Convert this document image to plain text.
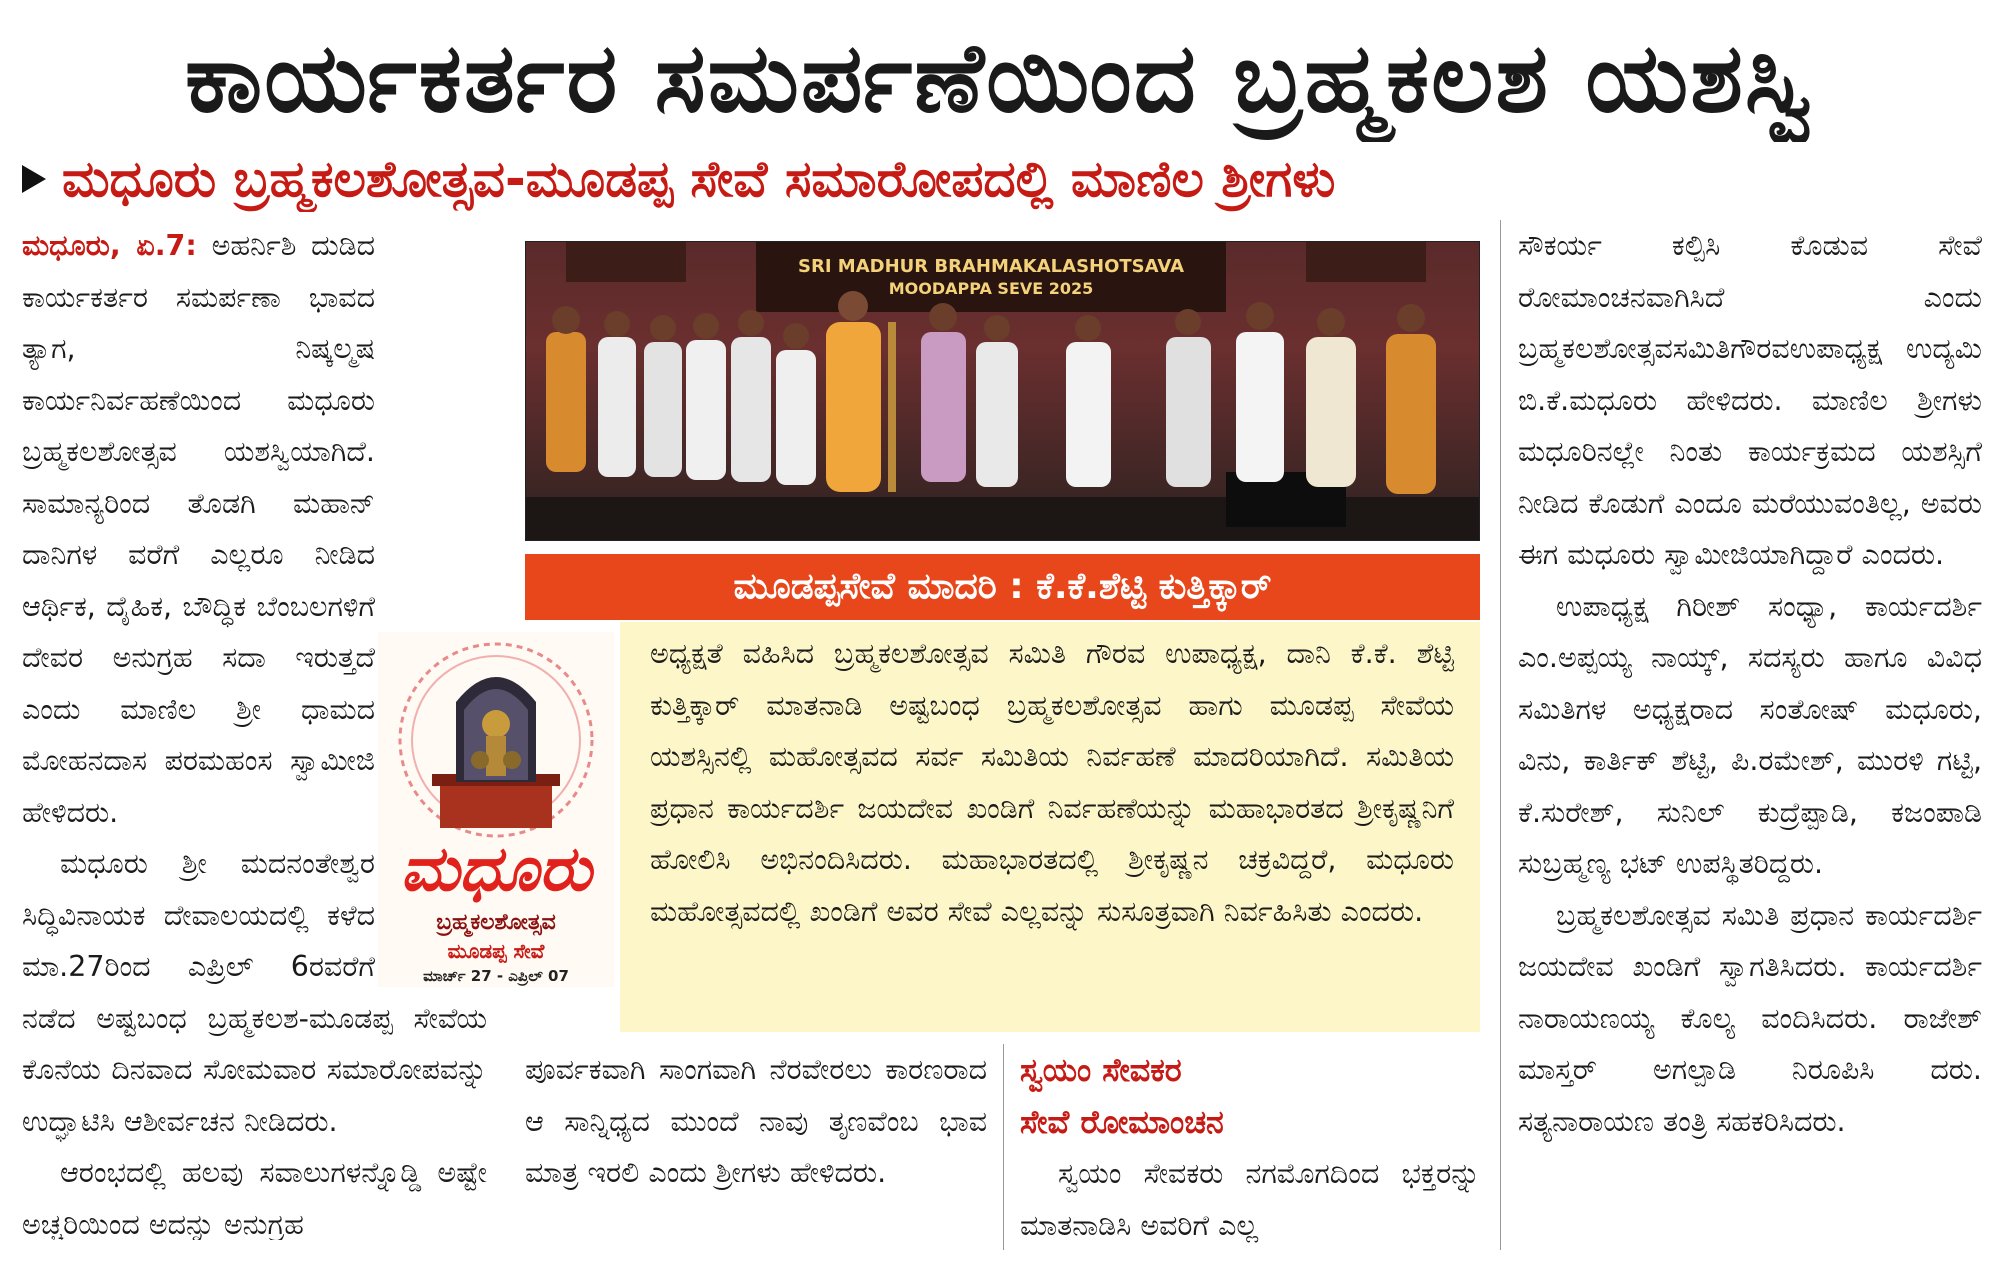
ಕಾರ್ಯಕರ್ತರ ಸಮರ್ಪಣೆಯಿಂದ ಬ್ರಹ್ಮಕಲಶ ಯಶಸ್ವಿ
ಮಧೂರು ಬ್ರಹ್ಮಕಲಶೋತ್ಸವ-ಮೂಡಪ್ಪ ಸೇವೆ ಸಮಾರೋಪದಲ್ಲಿ ಮಾಣಿಲ ಶ್ರೀಗಳು

ಮಧೂರು, ಏ.7: ಅಹರ್ನಿಶಿ ದುಡಿದ ಕಾರ್ಯಕರ್ತರ ಸಮರ್ಪಣಾ ಭಾವದ ತ್ಯಾಗ, ನಿಷ್ಕಲ್ಮಷ ಕಾರ್ಯನಿರ್ವಹಣೆಯಿಂದ ಮಧೂರು ಬ್ರಹ್ಮಕಲಶೋತ್ಸವ ಯಶಸ್ವಿಯಾಗಿದೆ. ಸಾಮಾನ್ಯರಿಂದ ತೊಡಗಿ ಮಹಾನ್ ದಾನಿಗಳ ವರೆಗೆ ಎಲ್ಲರೂ ನೀಡಿದ ಆರ್ಥಿಕ, ದೈಹಿಕ, ಬೌದ್ಧಿಕ ಬೆಂಬಲಗಳಿಗೆ ದೇವರ ಅನುಗ್ರಹ ಸದಾ ಇರುತ್ತದೆ ಎಂದು ಮಾಣಿಲ ಶ್ರೀ ಧಾಮದ ಮೋಹನದಾಸ ಪರಮಹಂಸ ಸ್ವಾಮೀಜಿ ಹೇಳಿದರು.

ಮಧೂರು ಶ್ರೀ ಮದನಂತೇಶ್ವರ ಸಿದ್ಧಿವಿನಾಯಕ ದೇವಾಲಯದಲ್ಲಿ ಕಳೆದ ಮಾ.27ರಿಂದ ಎಪ್ರಿಲ್ 6ರವರೆಗೆ ನಡೆದ ಅಷ್ಟಬಂಧ ಬ್ರಹ್ಮಕಲಶ-ಮೂಡಪ್ಪ ಸೇವೆಯ ಕೊನೆಯ ದಿನವಾದ ಸೋಮವಾರ ಸಮಾರೋಪವನ್ನು ಉದ್ಘಾಟಿಸಿ ಆಶೀರ್ವಚನ ನೀಡಿದರು.

ಆರಂಭದಲ್ಲಿ ಹಲವು ಸವಾಲುಗಳನ್ನೊಡ್ಡಿ ಅಷ್ಟೇ ಅಚ್ಚರಿಯಿಂದ ಅದನ್ನು ಅನುಗ್ರಹ

ಪೂರ್ವಕವಾಗಿ ಸಾಂಗವಾಗಿ ನೆರವೇರಲು ಕಾರಣರಾದ ಆ ಸಾನ್ನಿಧ್ಯದ ಮುಂದೆ ನಾವು ತೃಣವೆಂಬ ಭಾವ ಮಾತ್ರ ಇರಲಿ ಎಂದು ಶ್ರೀಗಳು ಹೇಳಿದರು.

ಸ್ವಯಂ ಸೇವಕರ
ಸೇವೆ ರೋಮಾಂಚನ

ಸ್ವಯಂ ಸೇವಕರು ನಗಮೊಗದಿಂದ ಭಕ್ತರನ್ನು ಮಾತನಾಡಿಸಿ ಅವರಿಗೆ ಎಲ್ಲ

ಸೌಕರ್ಯ ಕಲ್ಪಿಸಿ ಕೊಡುವ ಸೇವೆ ರೋಮಾಂಚನವಾಗಿಸಿದೆ ಎಂದು ಬ್ರಹ್ಮಕಲಶೋತ್ಸವಸಮಿತಿಗೌರವಉಪಾಧ್ಯಕ್ಷ ಉದ್ಯಮಿ ಬಿ.ಕೆ.ಮಧೂರು ಹೇಳಿದರು. ಮಾಣಿಲ ಶ್ರೀಗಳು ಮಧೂರಿನಲ್ಲೇ ನಿಂತು ಕಾರ್ಯಕ್ರಮದ ಯಶಸ್ಸಿಗೆ ನೀಡಿದ ಕೊಡುಗೆ ಎಂದೂ ಮರೆಯುವಂತಿಲ್ಲ, ಅವರು ಈಗ ಮಧೂರು ಸ್ವಾಮೀಜಿಯಾಗಿದ್ದಾರೆ ಎಂದರು.

ಉಪಾಧ್ಯಕ್ಷ ಗಿರೀಶ್ ಸಂಧ್ಯಾ, ಕಾರ್ಯದರ್ಶಿ ಎಂ.ಅಪ್ಪಯ್ಯ ನಾಯ್ಕ್, ಸದಸ್ಯರು ಹಾಗೂ ವಿವಿಧ ಸಮಿತಿಗಳ ಅಧ್ಯಕ್ಷರಾದ ಸಂತೋಷ್ ಮಧೂರು, ವಿನು, ಕಾರ್ತಿಕ್ ಶೆಟ್ಟಿ, ಪಿ.ರಮೇಶ್, ಮುರಳಿ ಗಟ್ಟಿ, ಕೆ.ಸುರೇಶ್, ಸುನಿಲ್ ಕುದ್ರೆಪ್ಪಾಡಿ, ಕಜಂಪಾಡಿ ಸುಬ್ರಹ್ಮಣ್ಯ ಭಟ್ ಉಪಸ್ಥಿತರಿದ್ದರು.

ಬ್ರಹ್ಮಕಲಶೋತ್ಸವ ಸಮಿತಿ ಪ್ರಧಾನ ಕಾರ್ಯದರ್ಶಿ ಜಯದೇವ ಖಂಡಿಗೆ ಸ್ವಾಗತಿಸಿದರು. ಕಾರ್ಯದರ್ಶಿ ನಾರಾಯಣಯ್ಯ ಕೊಲ್ಯ ವಂದಿಸಿದರು. ರಾಜೇಶ್ ಮಾಸ್ತರ್ ಅಗಲ್ಪಾಡಿ ನಿರೂಪಿಸಿ ದರು. ಸತ್ಯನಾರಾಯಣ ತಂತ್ರಿ ಸಹಕರಿಸಿದರು.

SRI MADHUR BRAHMAKALASHOTSAVA
MOODAPPA SEVE 2025
ಮೂಡಪ್ಪಸೇವೆ ಮಾದರಿ : ಕೆ.ಕೆ.ಶೆಟ್ಟಿ ಕುತ್ತಿಕ್ಕಾರ್

ಅಧ್ಯಕ್ಷತೆ ವಹಿಸಿದ ಬ್ರಹ್ಮಕಲಶೋತ್ಸವ ಸಮಿತಿ ಗೌರವ ಉಪಾಧ್ಯಕ್ಷ, ದಾನಿ ಕೆ.ಕೆ. ಶೆಟ್ಟಿ ಕುತ್ತಿಕ್ಕಾರ್ ಮಾತನಾಡಿ ಅಷ್ಟಬಂಧ ಬ್ರಹ್ಮಕಲಶೋತ್ಸವ ಹಾಗು ಮೂಡಪ್ಪ ಸೇವೆಯ ಯಶಸ್ಸಿನಲ್ಲಿ ಮಹೋತ್ಸವದ ಸರ್ವ ಸಮಿತಿಯ ನಿರ್ವಹಣೆ ಮಾದರಿಯಾಗಿದೆ. ಸಮಿತಿಯ ಪ್ರಧಾನ ಕಾರ್ಯದರ್ಶಿ ಜಯದೇವ ಖಂಡಿಗೆ ನಿರ್ವಹಣೆಯನ್ನು ಮಹಾಭಾರತದ ಶ್ರೀಕೃಷ್ಣನಿಗೆ ಹೋಲಿಸಿ ಅಭಿನಂದಿಸಿದರು. ಮಹಾಭಾರತದಲ್ಲಿ ಶ್ರೀಕೃಷ್ಣನ ಚಕ್ರವಿದ್ದರೆ, ಮಧೂರು ಮಹೋತ್ಸವದಲ್ಲಿ ಖಂಡಿಗೆ ಅವರ ಸೇವೆ ಎಲ್ಲವನ್ನು ಸುಸೂತ್ರವಾಗಿ ನಿರ್ವಹಿಸಿತು ಎಂದರು.

ಮಧೂರು
ಬ್ರಹ್ಮಕಲಶೋತ್ಸವ
ಮೂಡಪ್ಪ ಸೇವೆ
ಮಾರ್ಚ್ 27 - ಎಪ್ರಿಲ್ 07
